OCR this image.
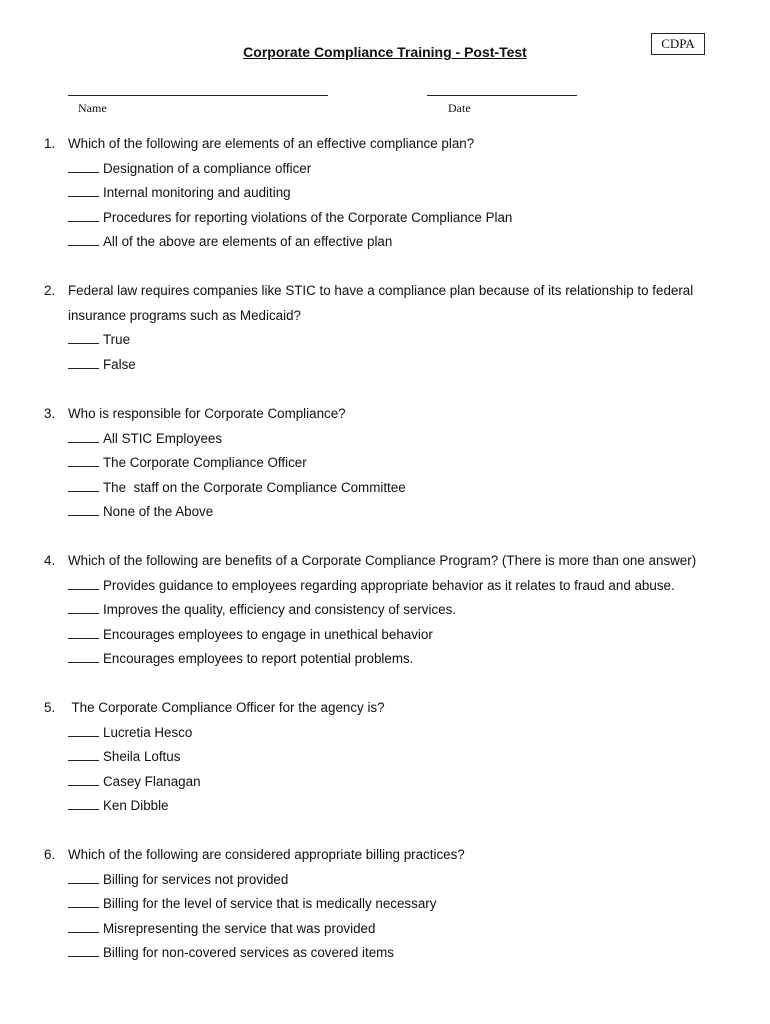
CDPA
Corporate Compliance Training - Post-Test
Name	Date
1. Which of the following are elements of an effective compliance plan?
Designation of a compliance officer
Internal monitoring and auditing
Procedures for reporting violations of the Corporate Compliance Plan
All of the above are elements of an effective plan
2. Federal law requires companies like STIC to have a compliance plan because of its relationship to federal insurance programs such as Medicaid?
True
False
3. Who is responsible for Corporate Compliance?
All STIC Employees
The Corporate Compliance Officer
The  staff on the Corporate Compliance Committee
None of the Above
4. Which of the following are benefits of a Corporate Compliance Program? (There is more than one answer)
Provides guidance to employees regarding appropriate behavior as it relates to fraud and abuse.
Improves the quality, efficiency and consistency of services.
Encourages employees to engage in unethical behavior
Encourages employees to report potential problems.
5. The Corporate Compliance Officer for the agency is?
Lucretia Hesco
Sheila Loftus
Casey Flanagan
Ken Dibble
6. Which of the following are considered appropriate billing practices?
Billing for services not provided
Billing for the level of service that is medically necessary
Misrepresenting the service that was provided
Billing for non-covered services as covered items
